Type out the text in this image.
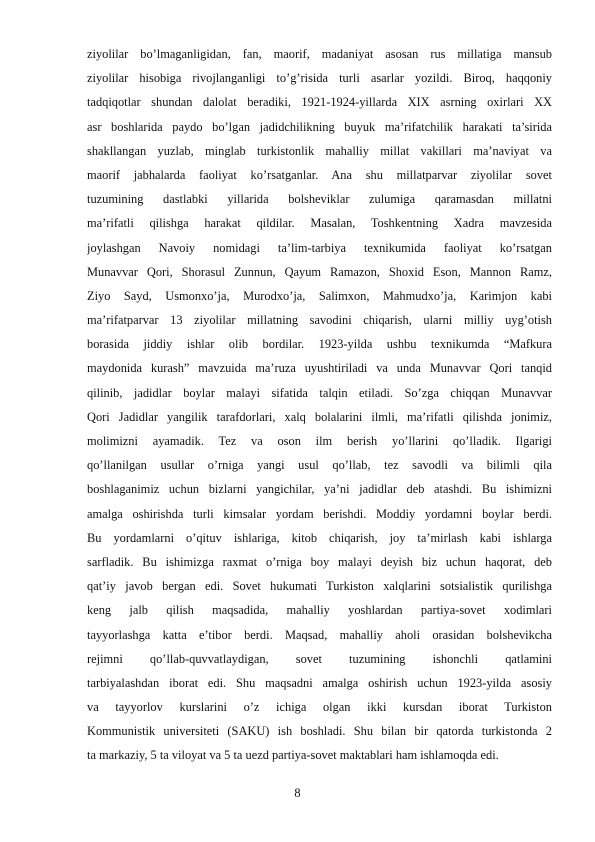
ziyolilar bo’lmaganligidan, fan, maorif, madaniyat asosan rus millatiga mansub
ziyolilar hisobiga rivojlanganligi to’g’risida turli asarlar yozildi. Biroq, haqqoniy
tadqiqotlar shundan dalolat beradiki, 1921-1924-yillarda XIX asrning oxirlari XX
asr boshlarida paydo bo’lgan jadidchilikning buyuk ma’rifatchilik harakati ta’sirida
shakllangan yuzlab, minglab turkistonlik mahalliy millat vakillari ma’naviyat va
maorif jabhalarda faoliyat ko’rsatganlar. Ana shu millatparvar ziyolilar sovet
tuzumining dastlabki yillarida bolsheviklar zulumiga qaramasdan millatni
ma’rifatli qilishga harakat qildilar. Masalan, Toshkentning Xadra mavzesida
joylashgan Navoiy nomidagi ta’lim-tarbiya texnikumida faoliyat ko’rsatgan
Munavvar Qori, Shorasul Zunnun, Qayum Ramazon, Shoxid Eson, Mannon Ramz,
Ziyo Sayd, Usmonxo’ja, Murodxo’ja, Salimxon, Mahmudxo’ja, Karimjon kabi
ma’rifatparvar 13 ziyolilar millatning savodini chiqarish, ularni milliy uyg’otish
borasida jiddiy ishlar olib bordilar. 1923-yilda ushbu texnikumda “Mafkura
maydonida kurash” mavzuida ma’ruza uyushtiriladi va unda Munavvar Qori tanqid
qilinib, jadidlar boylar malayi sifatida talqin etiladi. So’zga chiqqan Munavvar
Qori Jadidlar yangilik tarafdorlari, xalq bolalarini ilmli, ma’rifatli qilishda jonimiz,
molimizni ayamadik. Tez va oson ilm berish yo’llarini qo’lladik. Ilgarigi
qo’llanilgan usullar o’rniga yangi usul qo’llab, tez savodli va bilimli qila
boshlaganimiz uchun bizlarni yangichilar, ya’ni jadidlar deb atashdi. Bu ishimizni
amalga oshirishda turli kimsalar yordam berishdi. Moddiy yordamni boylar berdi.
Bu yordamlarni o’qituv ishlariga, kitob chiqarish, joy ta’mirlash kabi ishlarga
sarfladik. Bu ishimizga raxmat o’rniga boy malayi deyish biz uchun haqorat, deb
qat’iy javob bergan edi. Sovet hukumati Turkiston xalqlarini sotsialistik qurilishga
keng jalb qilish maqsadida, mahalliy yoshlardan partiya-sovet xodimlari
tayyorlashga katta e’tibor berdi. Maqsad, mahalliy aholi orasidan bolshevikcha
rejimni qo’llab-quvvatlaydigan, sovet tuzumining ishonchli qatlamini
tarbiyalashdan iborat edi. Shu maqsadni amalga oshirish uchun 1923-yilda asosiy
va tayyorlov kurslarini o’z ichiga olgan ikki kursdan iborat Turkiston
Kommunistik universiteti (SAKU) ish boshladi. Shu bilan bir qatorda turkistonda 2
ta markaziy, 5 ta viloyat va 5 ta uezd partiya-sovet maktablari ham ishlamoqda edi.
8
